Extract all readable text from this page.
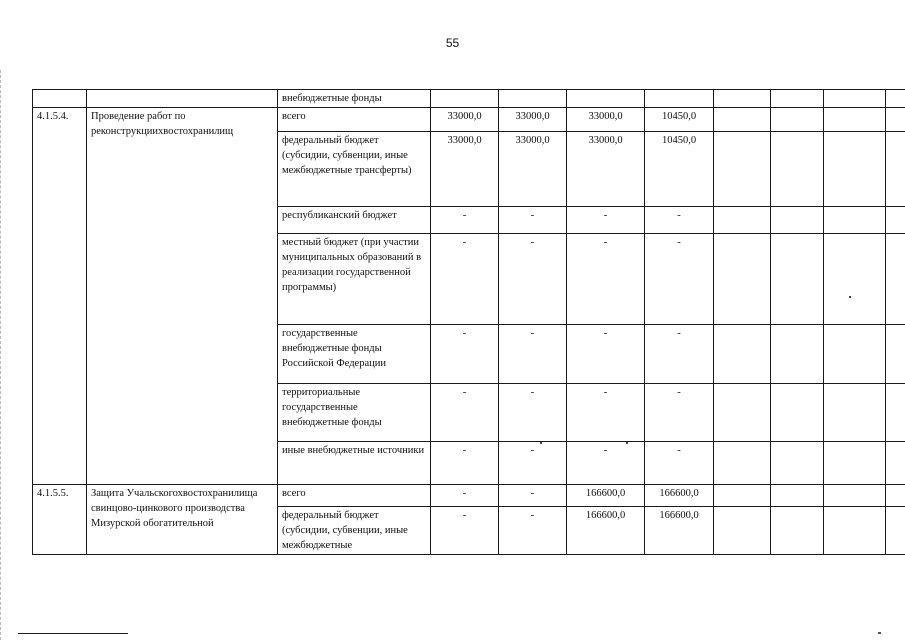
55
		внебюджетные фонды								
4.1.5.4.	Проведение работ по реконструкциихвостохранилищ	всего	33000,0	33000,0	33000,0	10450,0				
		федеральный бюджет (субсидии, субвенции, иные межбюджетные трансферты)	33000,0	33000,0	33000,0	10450,0				
		республиканский бюджет	-	-	-	-				
		местный бюджет (при участии муниципальных образований в реализации государственной программы)	-	-	-	-				
		государственные внебюджетные фонды Российской Федерации	-	-	-	-				
		территориальные государственные внебюджетные фонды	-	-	-	-				
		иные внебюджетные источники	-	-	-	-				
4.1.5.5.	Защита Учальскогохвостохранилища свинцово-цинкового производства Мизурской обогатительной	всего	-	-	166600,0	166600,0				
		федеральный бюджет (субсидии, субвенции, иные межбюджетные	-	-	166600,0	166600,0				
